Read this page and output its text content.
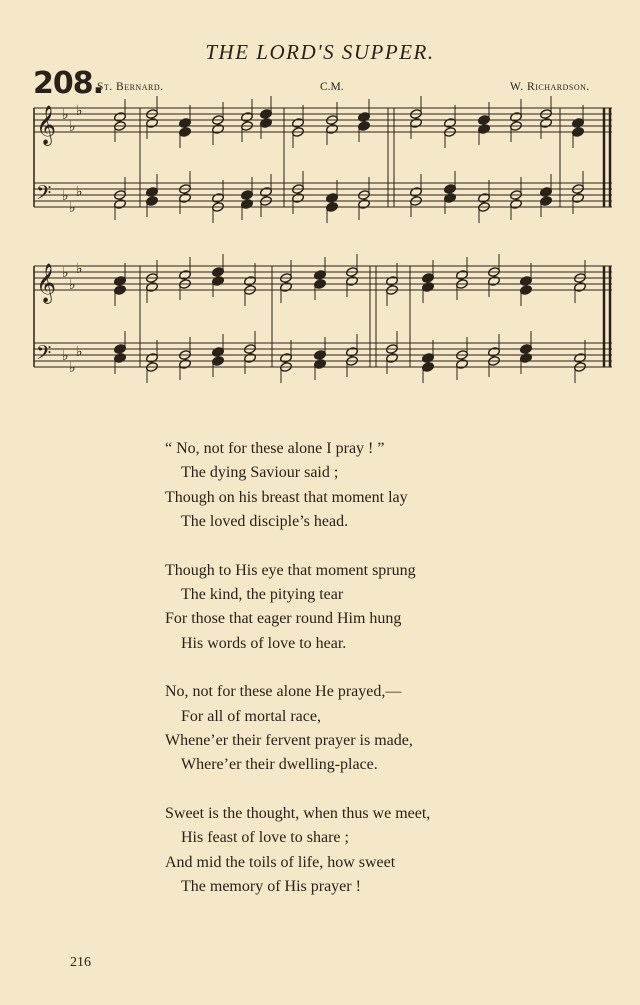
THE LORD'S SUPPER.
208.
St. Bernard.	C.M.	W. Richardson.
𝄞 ♭
♭
♭
𝄢 ♭
♭
♭
𝄞 ♭
♭
♭
𝄢 ♭
♭
♭
“ No, not for these alone I pray ! ”
The dying Saviour said ;
Though on his breast that moment lay
The loved disciple’s head.
Though to His eye that moment sprung
The kind, the pitying tear
For those that eager round Him hung
His words of love to hear.
No, not for these alone He prayed,—
For all of mortal race,
Whene’er their fervent prayer is made,
Where’er their dwelling-place.
Sweet is the thought, when thus we meet,
His feast of love to share ;
And mid the toils of life, how sweet
The memory of His prayer !
216
